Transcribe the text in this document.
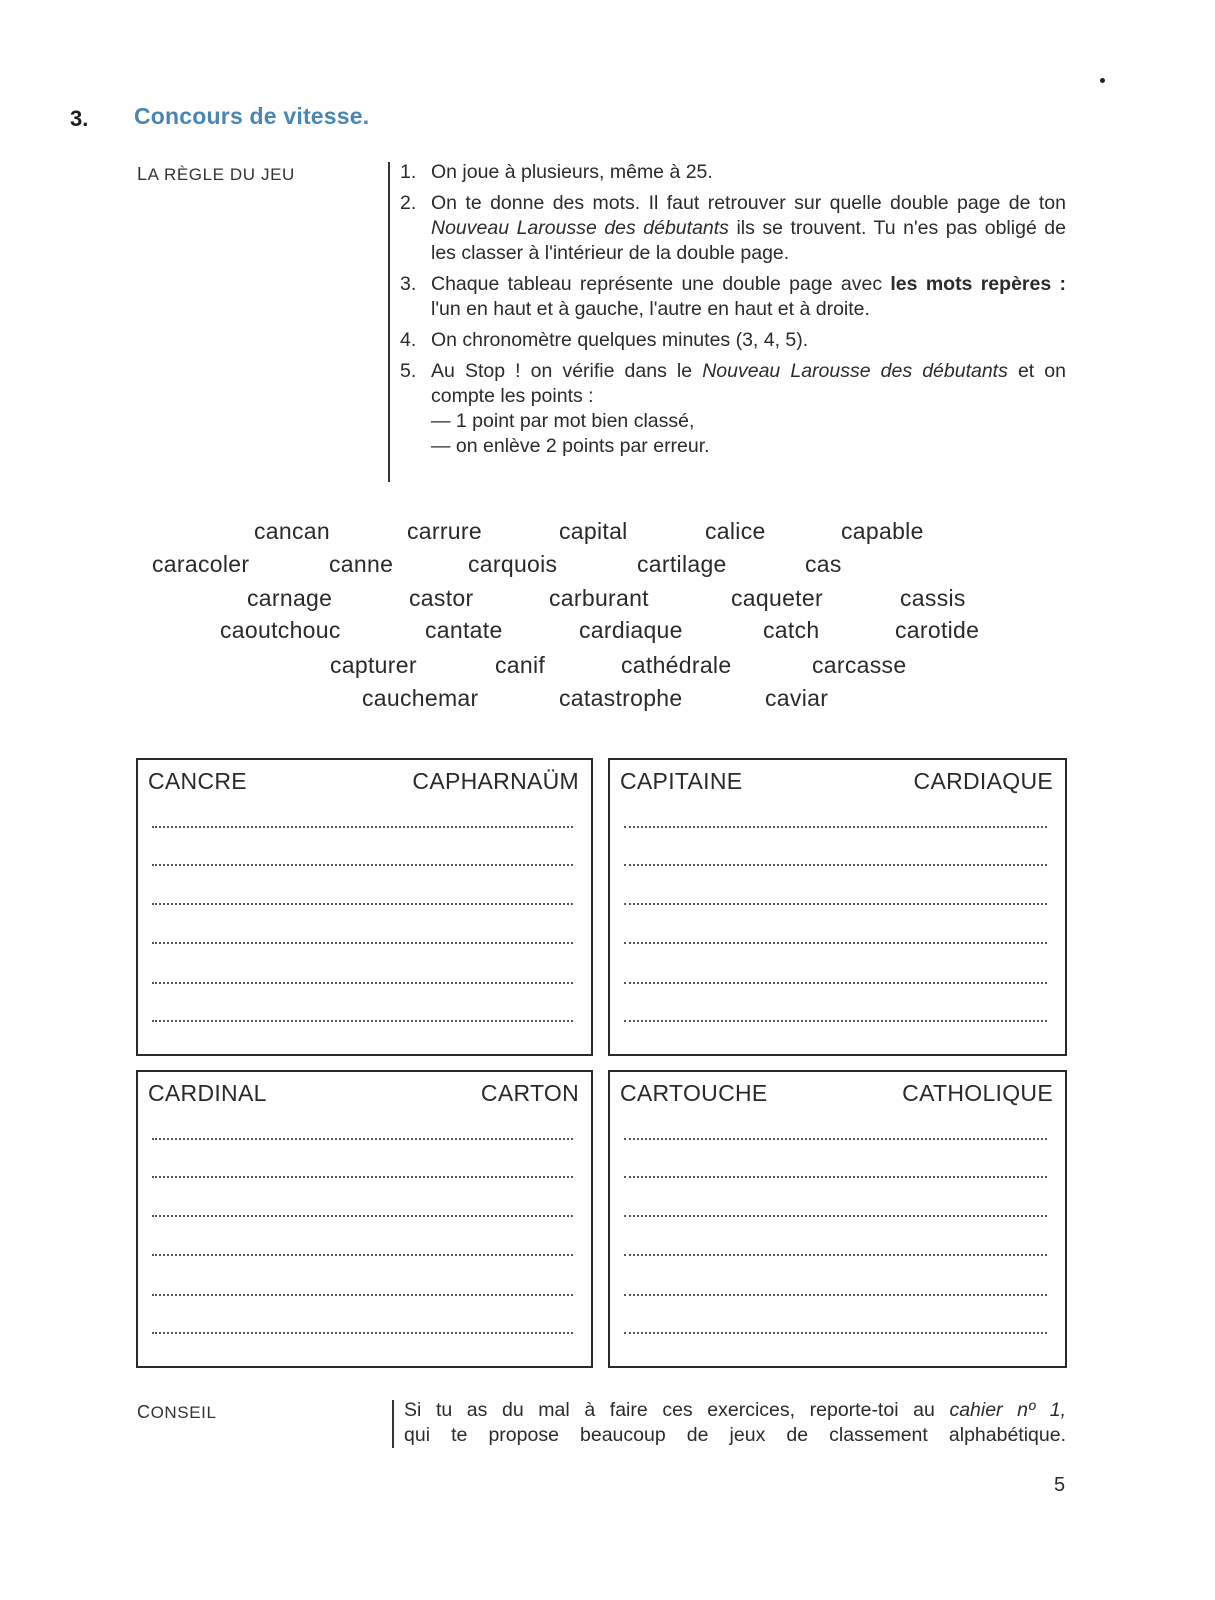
3. Concours de vitesse.
LA RÈGLE DU JEU	1. On joue à plusieurs, même à 25.
2. On te donne des mots. Il faut retrouver sur quelle double page de ton Nouveau Larousse des débutants ils se trouvent. Tu n'es pas obligé de les classer à l'intérieur de la double page.
3. Chaque tableau représente une double page avec les mots repères : l'un en haut et à gauche, l'autre en haut et à droite.
4. On chronomètre quelques minutes (3, 4, 5).
5. Au Stop ! on vérifie dans le Nouveau Larousse des débutants et on compte les points :
— 1 point par mot bien classé,
— on enlève 2 points par erreur.
cancan	carrure	capital	calice	capable
caracoler	canne	carquois	cartilage	cas
carnage	castor	carburant	caqueter	cassis
caoutchouc	cantate	cardiaque	catch	carotide
capturer	canif	cathédrale	carcasse
cauchemar	catastrophe	caviar
CANCRE	CAPHARNAÜM CAPITAINE	CARDIAQUE
CARDINAL	CARTON CARTOUCHE	CATHOLIQUE
CONSEIL	Si tu as du mal à faire ces exercices, reporte-toi au cahier nº 1,
qui te propose beaucoup de jeux de classement alphabétique.
5
